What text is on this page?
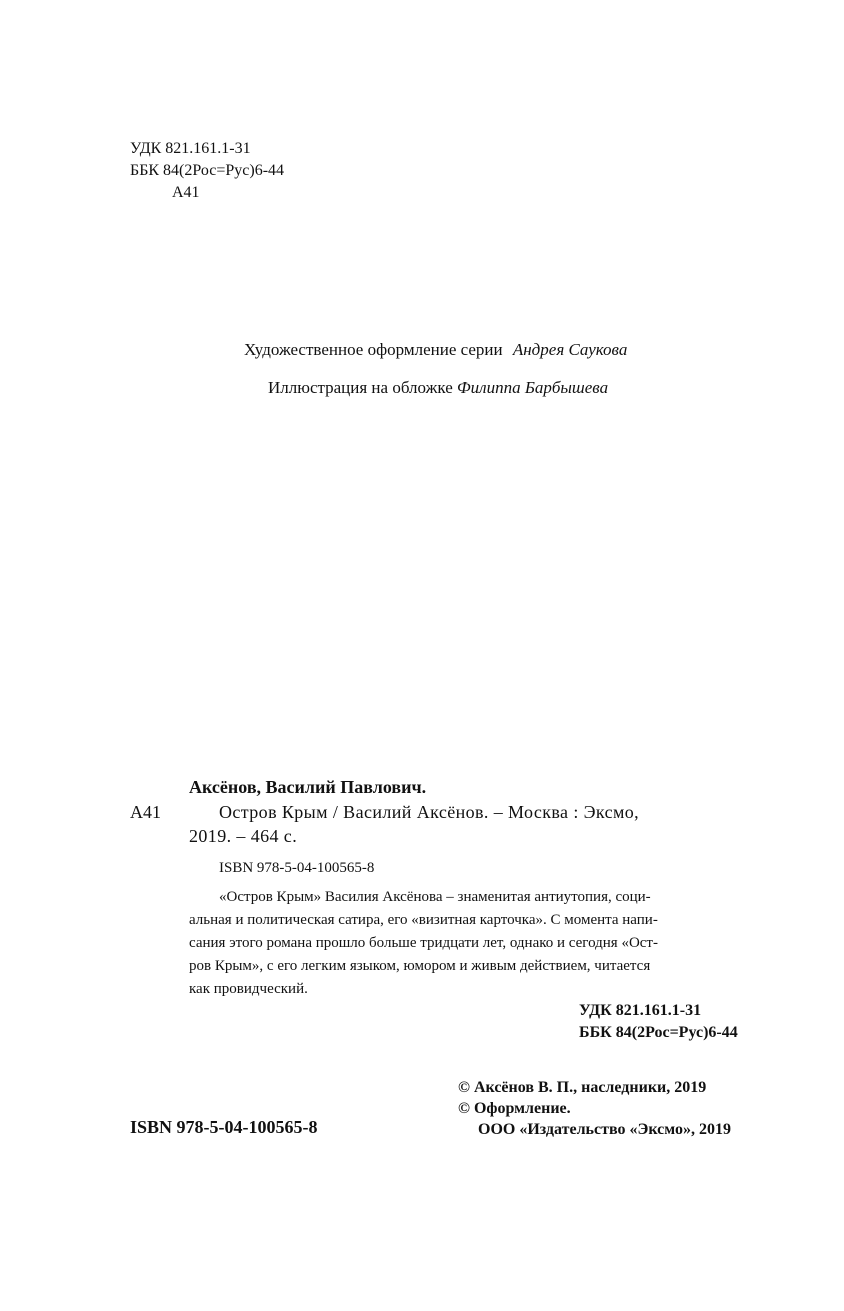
УДК 821.161.1-31
ББК 84(2Рос=Рус)6-44
А41
Художественное оформление серии Андрея Саукова
Иллюстрация на обложке Филиппа Барбышева
Аксёнов, Василий Павлович.
А41	Остров Крым / Василий Аксёнов. – Москва : Эксмо,
2019. – 464 с.
ISBN 978-5-04-100565-8

«Остров Крым» Василия Аксёнова – знаменитая антиутопия, соци-

альная и политическая сатира, его «визитная карточка». С момента напи-

сания этого романа прошло больше тридцати лет, однако и сегодня «Ост-

ров Крым», с его легким языком, юмором и живым действием, читается

как провидческий.

УДК 821.161.1-31
ББК 84(2Рос=Рус)6-44
ISBN 978-5-04-100565-8
© Аксёнов В. П., наследники, 2019
© Оформление.
ООО «Издательство «Эксмо», 2019
